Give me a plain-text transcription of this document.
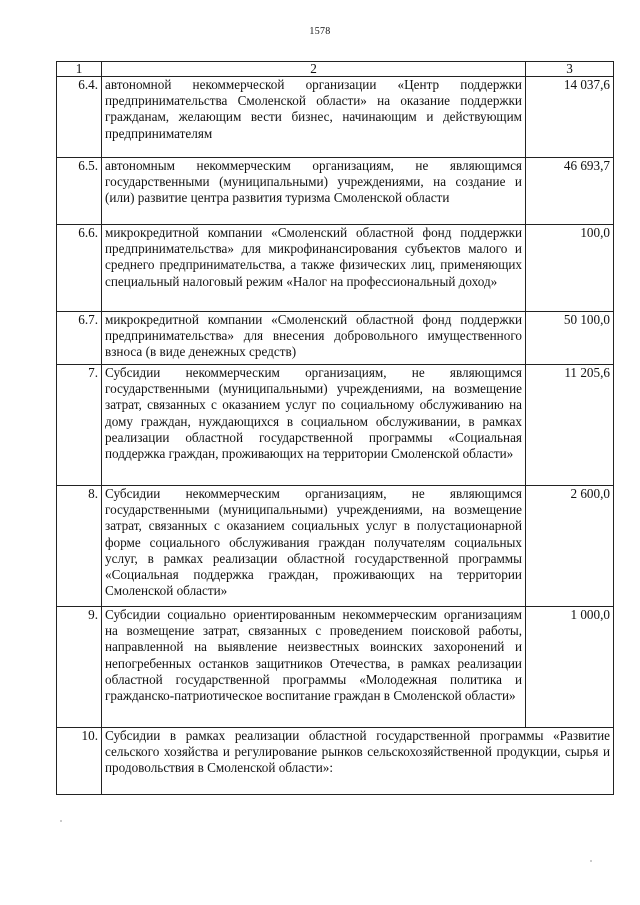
1578
1	2	3
6.4.	автономной некоммерческой организации «Центр поддержки предпринимательства Смоленской области» на оказание поддержки гражданам, желающим вести бизнес, начинающим и действующим предпринимателям	14 037,6
6.5.	автономным некоммерческим организациям, не являющимся государственными (муниципальными) учреждениями, на создание и (или) развитие центра развития туризма Смоленской области	46 693,7
6.6.	микрокредитной компании «Смоленский областной фонд поддержки предпринимательства» для микрофинансирования субъектов малого и среднего предпринимательства, а также физических лиц, применяющих специальный налоговый режим «Налог на профессиональный доход»	100,0
6.7.	микрокредитной компании «Смоленский областной фонд поддержки предпринимательства» для внесения добровольного имущественного взноса (в виде денежных средств)	50 100,0
7.	Субсидии некоммерческим организациям, не являющимся государственными (муниципальными) учреждениями, на возмещение затрат, связанных с оказанием услуг по социальному обслуживанию на дому граждан, нуждающихся в социальном обслуживании, в рамках реализации областной государственной программы «Социальная поддержка граждан, проживающих на территории Смоленской области»	11 205,6
8.	Субсидии некоммерческим организациям, не являющимся государственными (муниципальными) учреждениями, на возмещение затрат, связанных с оказанием социальных услуг в полустационарной форме социального обслуживания граждан получателям социальных услуг, в рамках реализации областной государственной программы «Социальная поддержка граждан, проживающих на территории Смоленской области»	2 600,0
9.	Субсидии социально ориентированным некоммерческим организациям на возмещение затрат, связанных с проведением поисковой работы, направленной на выявление неизвестных воинских захоронений и непогребенных останков защитников Отечества, в рамках реализации областной государственной программы «Молодежная политика и гражданско-патриотическое воспитание граждан в Смоленской области»	1 000,0
10.	Субсидии в рамках реализации областной государственной программы «Развитие сельского хозяйства и регулирование рынков сельскохозяйственной продукции, сырья и продовольствия в Смоленской области»:	
